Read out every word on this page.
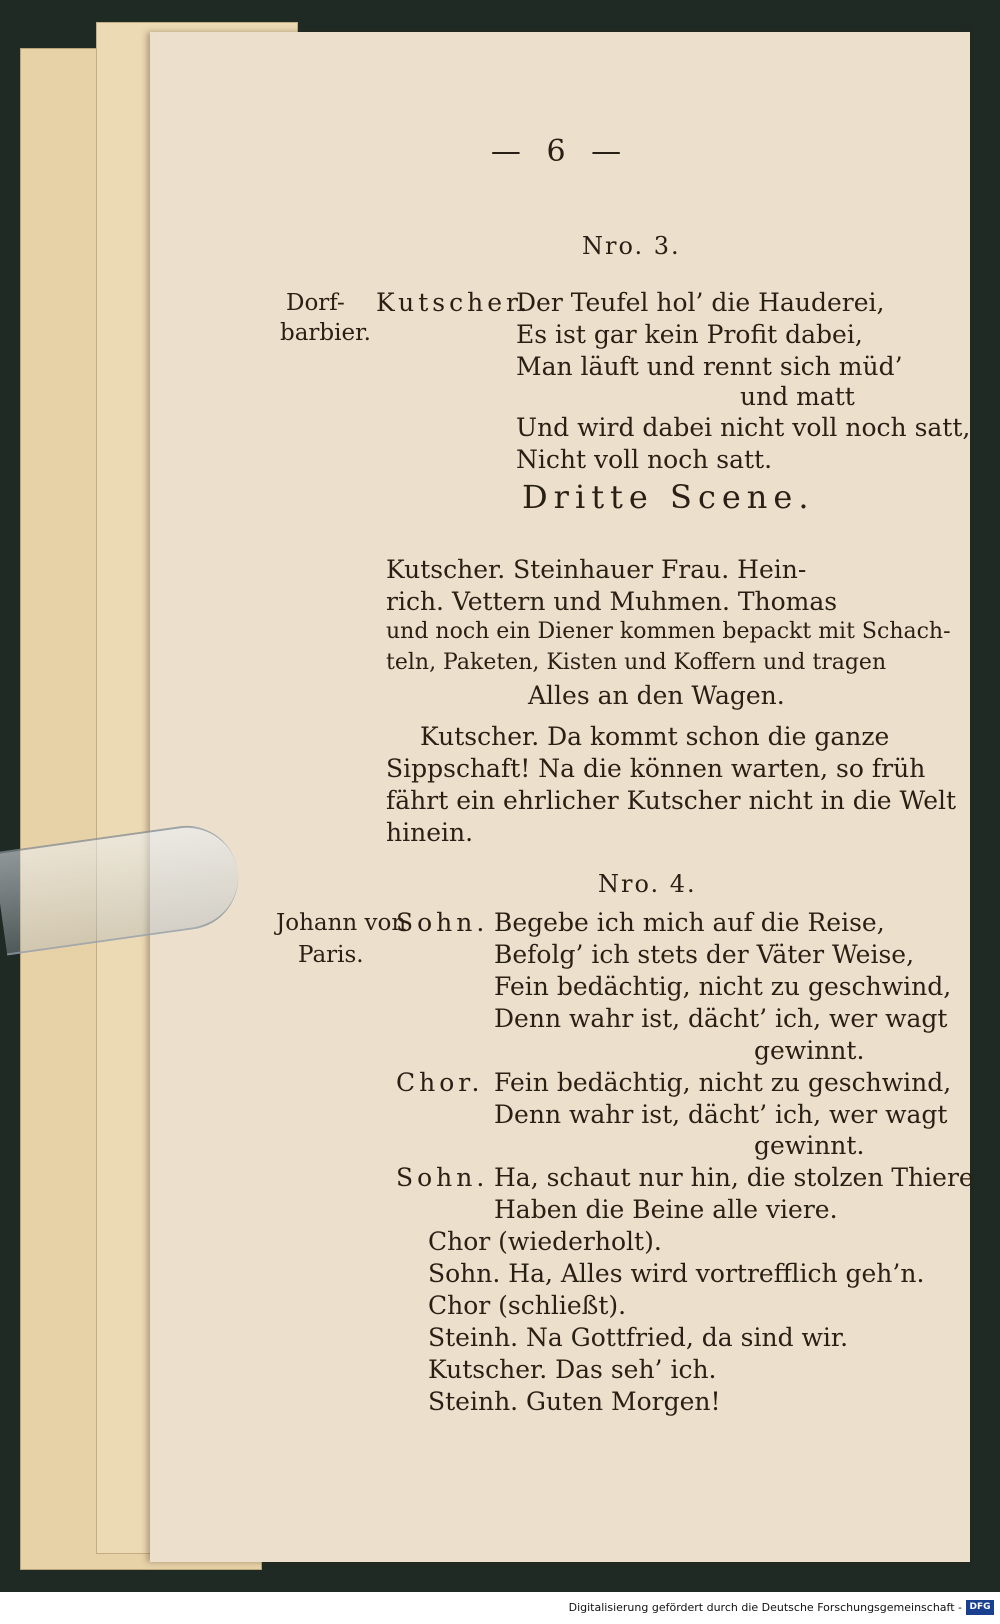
— 6 —
Nro. 3.
Dorf-
barbier.
Kutscher.
Der Teufel hol’ die Hauderei,
Es ist gar kein Profit dabei,
Man läuft und rennt sich müd’
und matt
Und wird dabei nicht voll noch satt,
Nicht voll noch satt.
Dritte Scene.
Kutscher. Steinhauer Frau. Hein-
rich. Vettern und Muhmen. Thomas
und noch ein Diener kommen bepackt mit Schach-
teln, Paketen, Kisten und Koffern und tragen
Alles an den Wagen.
Kutscher. Da kommt schon die ganze
Sippschaft! Na die können warten, so früh
fährt ein ehrlicher Kutscher nicht in die Welt
hinein.
Nro. 4.
Johann von
Paris.
Sohn. Begebe ich mich auf die Reise,
Befolg’ ich stets der Väter Weise,
Fein bedächtig, nicht zu geschwind,
Denn wahr ist, dächt’ ich, wer wagt
gewinnt.
Chor. Fein bedächtig, nicht zu geschwind,
Denn wahr ist, dächt’ ich, wer wagt
gewinnt.
Sohn. Ha, schaut nur hin, die stolzen Thiere
Haben die Beine alle viere.
Chor (wiederholt).
Sohn. Ha, Alles wird vortrefflich geh’n.
Chor (schließt).
Steinh. Na Gottfried, da sind wir.
Kutscher. Das seh’ ich.
Steinh. Guten Morgen!
Digitalisierung gefördert durch die Deutsche Forschungsgemeinschaft - DFG
